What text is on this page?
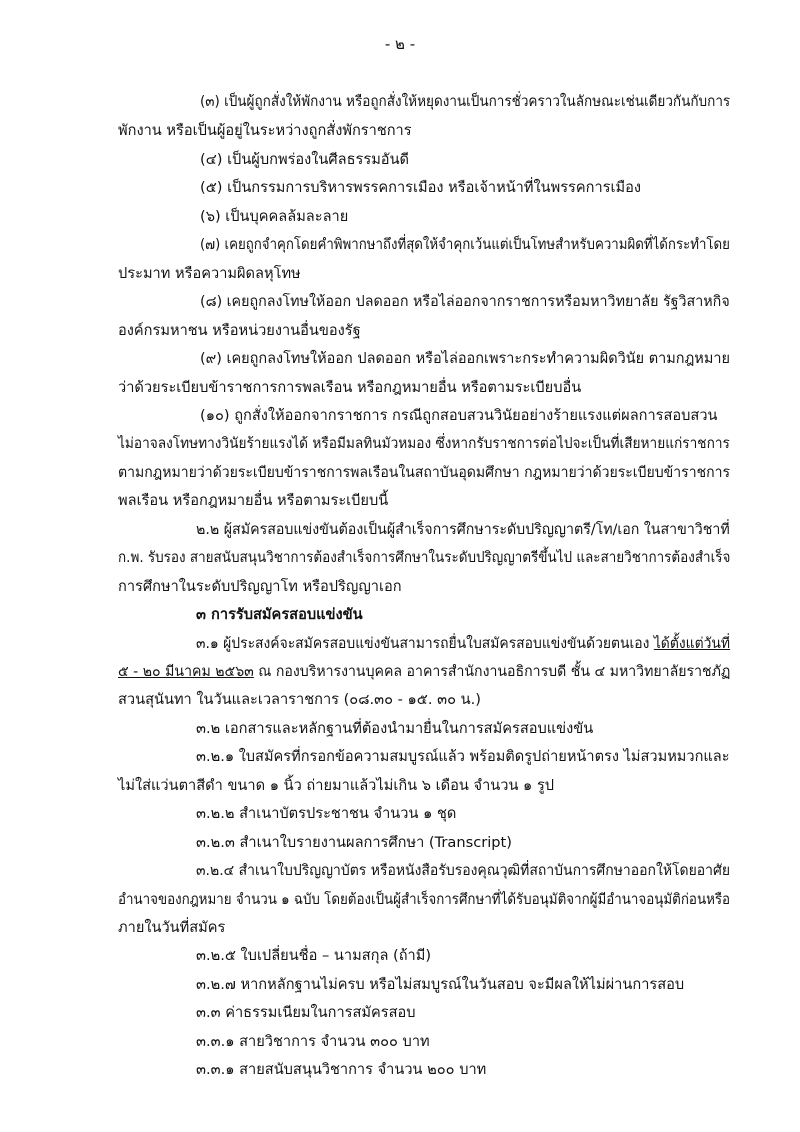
- ๒ -
(๓) เป็นผู้ถูกสั่งให้พักงาน หรือถูกสั่งให้หยุดงานเป็นการชั่วคราวในลักษณะเช่นเดียวกันกับการ
พักงาน หรือเป็นผู้อยู่ในระหว่างถูกสั่งพักราชการ
(๔) เป็นผู้บกพร่องในศีลธรรมอันดี
(๕) เป็นกรรมการบริหารพรรคการเมือง หรือเจ้าหน้าที่ในพรรคการเมือง
(๖) เป็นบุคคลล้มละลาย
(๗) เคยถูกจำคุกโดยคำพิพากษาถึงที่สุดให้จำคุกเว้นแต่เป็นโทษสำหรับความผิดที่ได้กระทำโดย
ประมาท หรือความผิดลหุโทษ
(๘) เคยถูกลงโทษให้ออก ปลดออก หรือไล่ออกจากราชการหรือมหาวิทยาลัย รัฐวิสาหกิจ
องค์กรมหาชน หรือหน่วยงานอื่นของรัฐ
(๙) เคยถูกลงโทษให้ออก ปลดออก หรือไล่ออกเพราะกระทำความผิดวินัย ตามกฎหมาย
ว่าด้วยระเบียบข้าราชการการพลเรือน หรือกฎหมายอื่น หรือตามระเบียบอื่น
(๑๐) ถูกสั่งให้ออกจากราชการ กรณีถูกสอบสวนวินัยอย่างร้ายแรงแต่ผลการสอบสวน
ไม่อาจลงโทษทางวินัยร้ายแรงได้ หรือมีมลทินมัวหมอง ซึ่งหากรับราชการต่อไปจะเป็นที่เสียหายแก่ราชการ
ตามกฎหมายว่าด้วยระเบียบข้าราชการพลเรือนในสถาบันอุดมศึกษา กฎหมายว่าด้วยระเบียบข้าราชการ
พลเรือน หรือกฎหมายอื่น หรือตามระเบียบนี้
๒.๒ ผู้สมัครสอบแข่งขันต้องเป็นผู้สำเร็จการศึกษาระดับปริญญาตรี/โท/เอก ในสาขาวิชาที่
ก.พ. รับรอง สายสนับสนุนวิชาการต้องสำเร็จการศึกษาในระดับปริญญาตรีขึ้นไป และสายวิชาการต้องสำเร็จ
การศึกษาในระดับปริญญาโท หรือปริญญาเอก
๓ การรับสมัครสอบแข่งขัน
๓.๑ ผู้ประสงค์จะสมัครสอบแข่งขันสามารถยื่นใบสมัครสอบแข่งขันด้วยตนเอง ได้ตั้งแต่วันที่
๕ - ๒๐ มีนาคม ๒๕๖๓ ณ กองบริหารงานบุคคล อาคารสำนักงานอธิการบดี ชั้น ๔ มหาวิทยาลัยราชภัฏ
สวนสุนันทา ในวันและเวลาราชการ (๐๘.๓๐ - ๑๕. ๓๐ น.)
๓.๒ เอกสารและหลักฐานที่ต้องนำมายื่นในการสมัครสอบแข่งขัน
๓.๒.๑ ใบสมัครที่กรอกข้อความสมบูรณ์แล้ว พร้อมติดรูปถ่ายหน้าตรง ไม่สวมหมวกและ
ไม่ใส่แว่นตาสีดำ ขนาด ๑ นิ้ว ถ่ายมาแล้วไม่เกิน ๖ เดือน จำนวน ๑ รูป
๓.๒.๒ สำเนาบัตรประชาชน จำนวน ๑ ชุด
๓.๒.๓ สำเนาใบรายงานผลการศึกษา (Transcript)
๓.๒.๔ สำเนาใบปริญญาบัตร หรือหนังสือรับรองคุณวุฒิที่สถาบันการศึกษาออกให้โดยอาศัย
อำนาจของกฎหมาย จำนวน ๑ ฉบับ โดยต้องเป็นผู้สำเร็จการศึกษาที่ได้รับอนุมัติจากผู้มีอำนาจอนุมัติก่อนหรือ
ภายในวันที่สมัคร
๓.๒.๕ ใบเปลี่ยนชื่อ – นามสกุล (ถ้ามี)
๓.๒.๗ หากหลักฐานไม่ครบ หรือไม่สมบูรณ์ในวันสอบ จะมีผลให้ไม่ผ่านการสอบ
๓.๓ ค่าธรรมเนียมในการสมัครสอบ
๓.๓.๑ สายวิชาการ จำนวน ๓๐๐ บาท
๓.๓.๑ สายสนับสนุนวิชาการ จำนวน ๒๐๐ บาท
